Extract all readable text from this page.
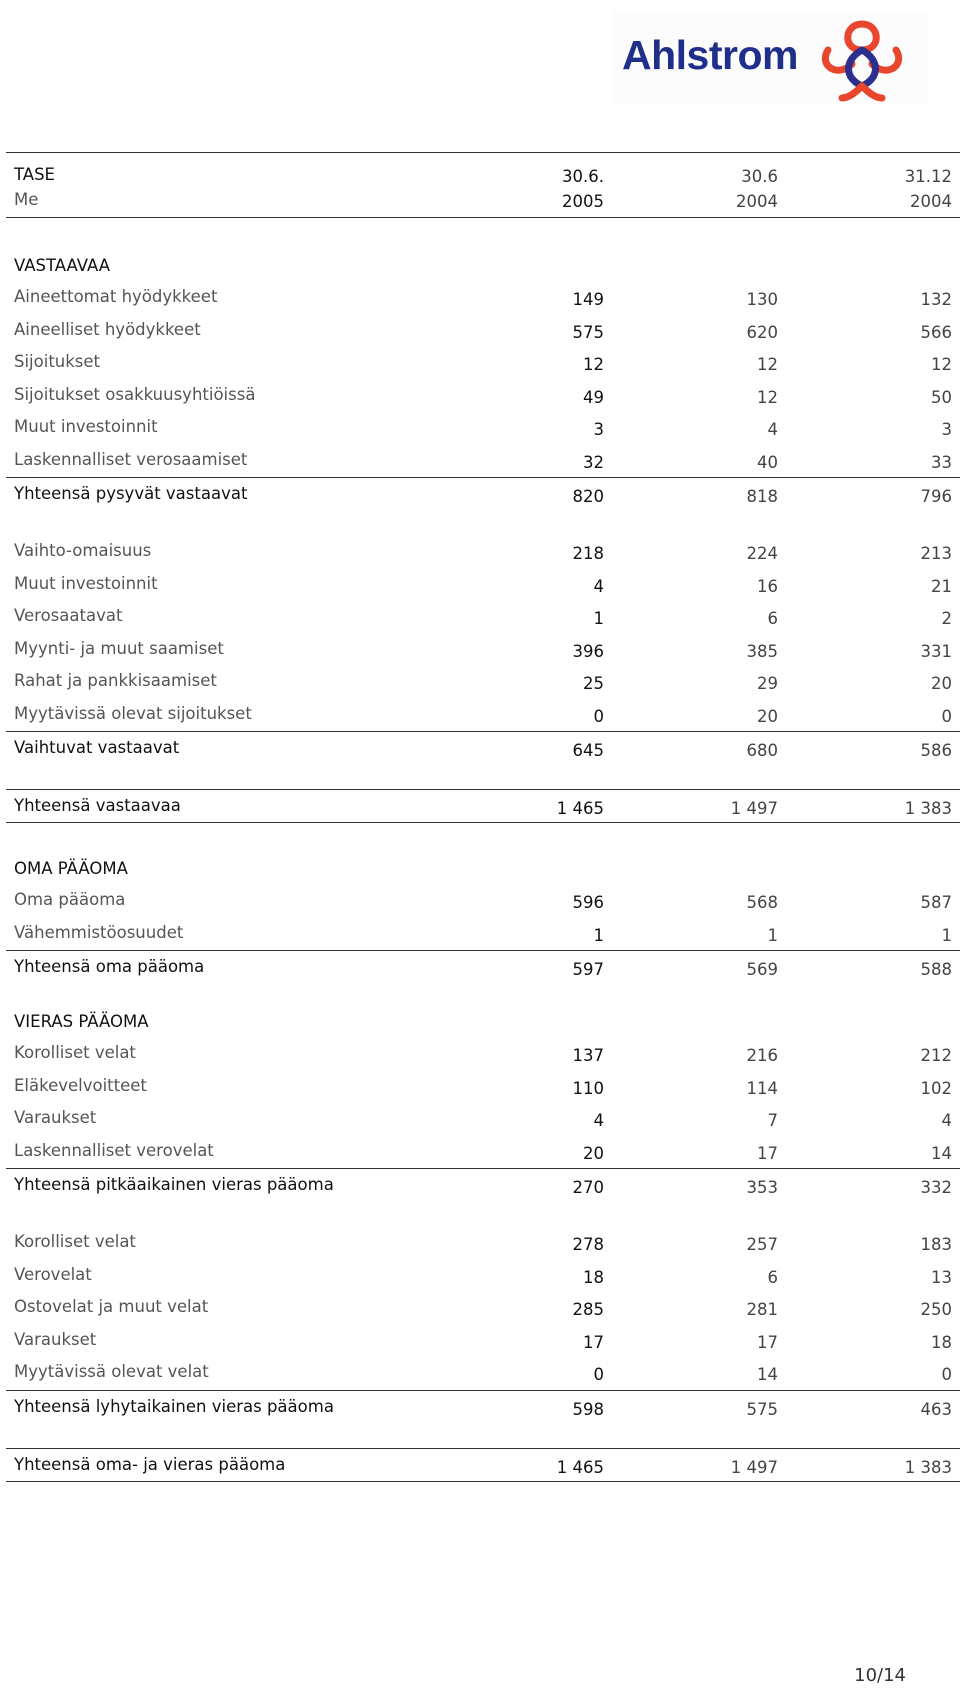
Ahlstrom
TASE	30.6.	30.6	31.12
Me	2005	2004	2004
VASTAAVAA
Aineettomat hyödykkeet	149	130	132
Aineelliset hyödykkeet	575	620	566
Sijoitukset	12	12	12
Sijoitukset osakkuusyhtiöissä	49	12	50
Muut investoinnit	3	4	3
Laskennalliset verosaamiset	32	40	33
Yhteensä pysyvät vastaavat	820	818	796
Vaihto-omaisuus	218	224	213
Muut investoinnit	4	16	21
Verosaatavat	1	6	2
Myynti- ja muut saamiset	396	385	331
Rahat ja pankkisaamiset	25	29	20
Myytävissä olevat sijoitukset	0	20	0
Vaihtuvat vastaavat	645	680	586
Yhteensä vastaavaa	1 465	1 497	1 383
OMA PÄÄOMA
Oma pääoma	596	568	587
Vähemmistöosuudet	1	1	1
Yhteensä oma pääoma	597	569	588
VIERAS PÄÄOMA
Korolliset velat	137	216	212
Eläkevelvoitteet	110	114	102
Varaukset	4	7	4
Laskennalliset verovelat	20	17	14
Yhteensä pitkäaikainen vieras pääoma	270	353	332
Korolliset velat	278	257	183
Verovelat	18	6	13
Ostovelat ja muut velat	285	281	250
Varaukset	17	17	18
Myytävissä olevat velat	0	14	0
Yhteensä lyhytaikainen vieras pääoma	598	575	463
Yhteensä oma- ja vieras pääoma	1 465	1 497	1 383
10/14
